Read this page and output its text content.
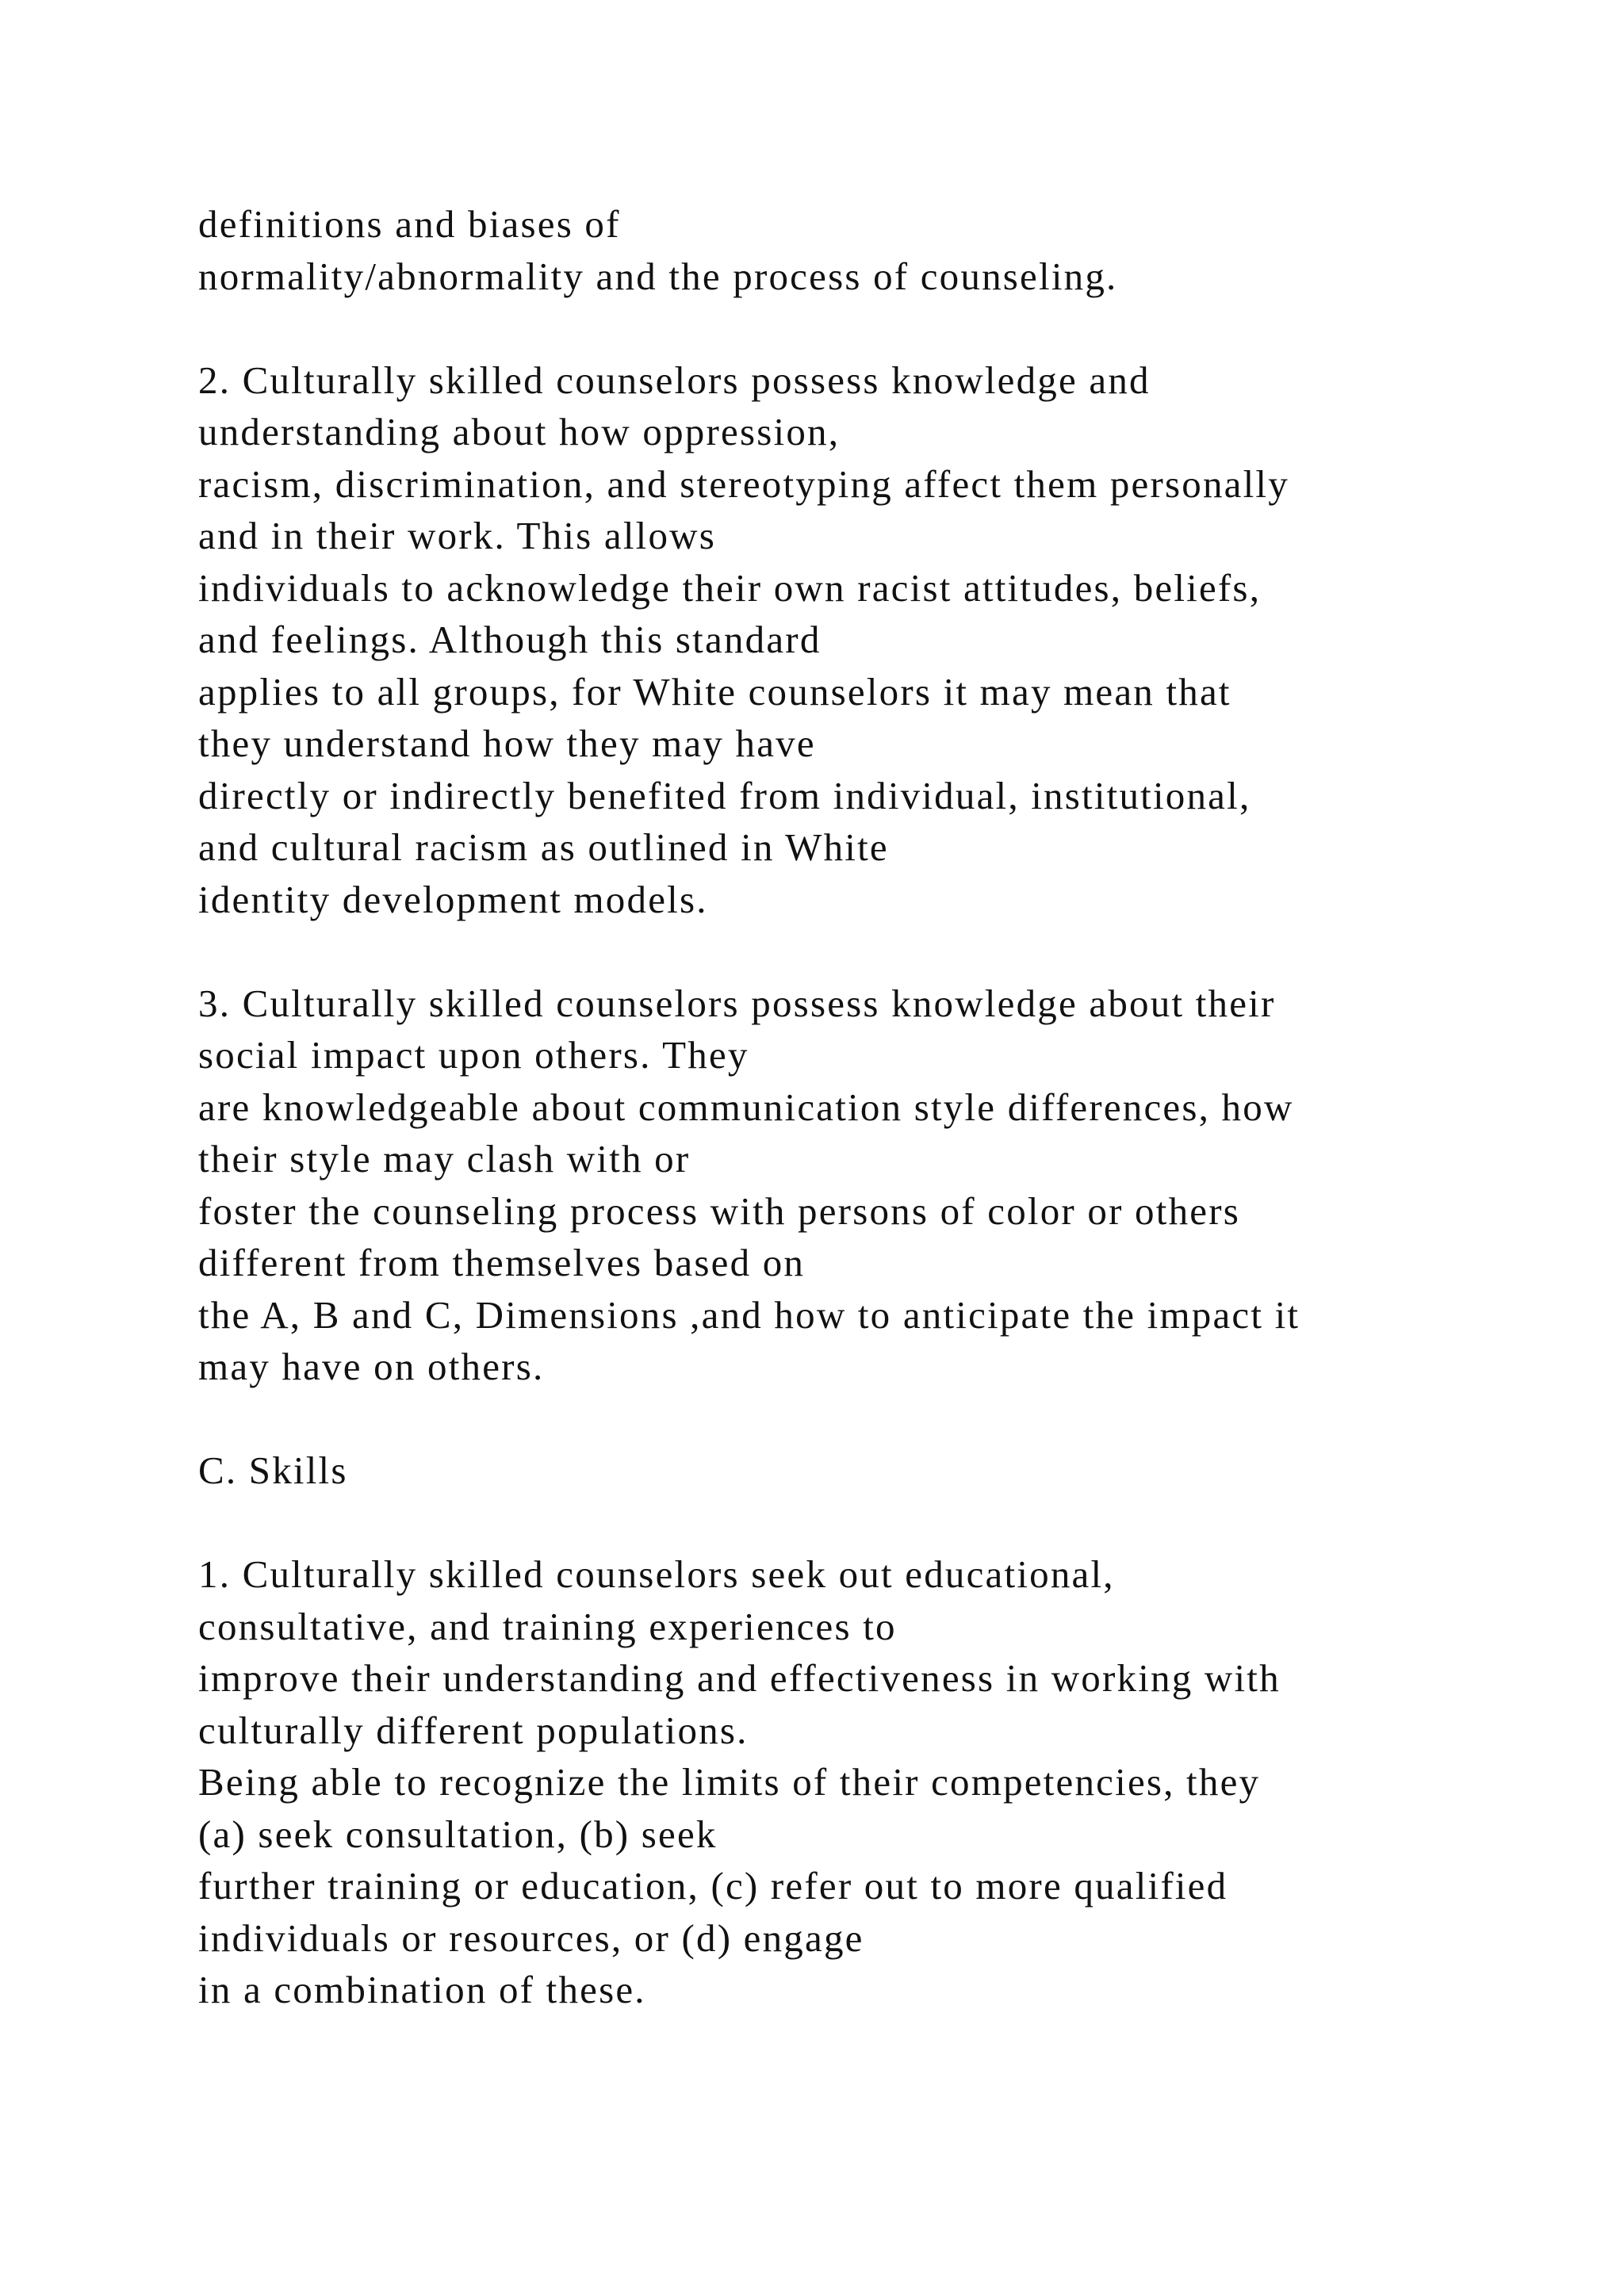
definitions and biases of
normality/abnormality and the process of counseling.
2. Culturally skilled counselors possess knowledge and
understanding about how oppression,
racism, discrimination, and stereotyping affect them personally
and in their work. This allows
individuals to acknowledge their own racist attitudes, beliefs,
and feelings. Although this standard
applies to all groups, for White counselors it may mean that
they understand how they may have
directly or indirectly benefited from individual, institutional,
and cultural racism as outlined in White
identity development models.
3. Culturally skilled counselors possess knowledge about their
social impact upon others. They
are knowledgeable about communication style differences, how
their style may clash with or
foster the counseling process with persons of color or others
different from themselves based on
the A, B and C, Dimensions ,and how to anticipate the impact it
may have on others.
C. Skills
1. Culturally skilled counselors seek out educational,
consultative, and training experiences to
improve their understanding and effectiveness in working with
culturally different populations.
Being able to recognize the limits of their competencies, they
(a) seek consultation, (b) seek
further training or education, (c) refer out to more qualified
individuals or resources, or (d) engage
in a combination of these.
